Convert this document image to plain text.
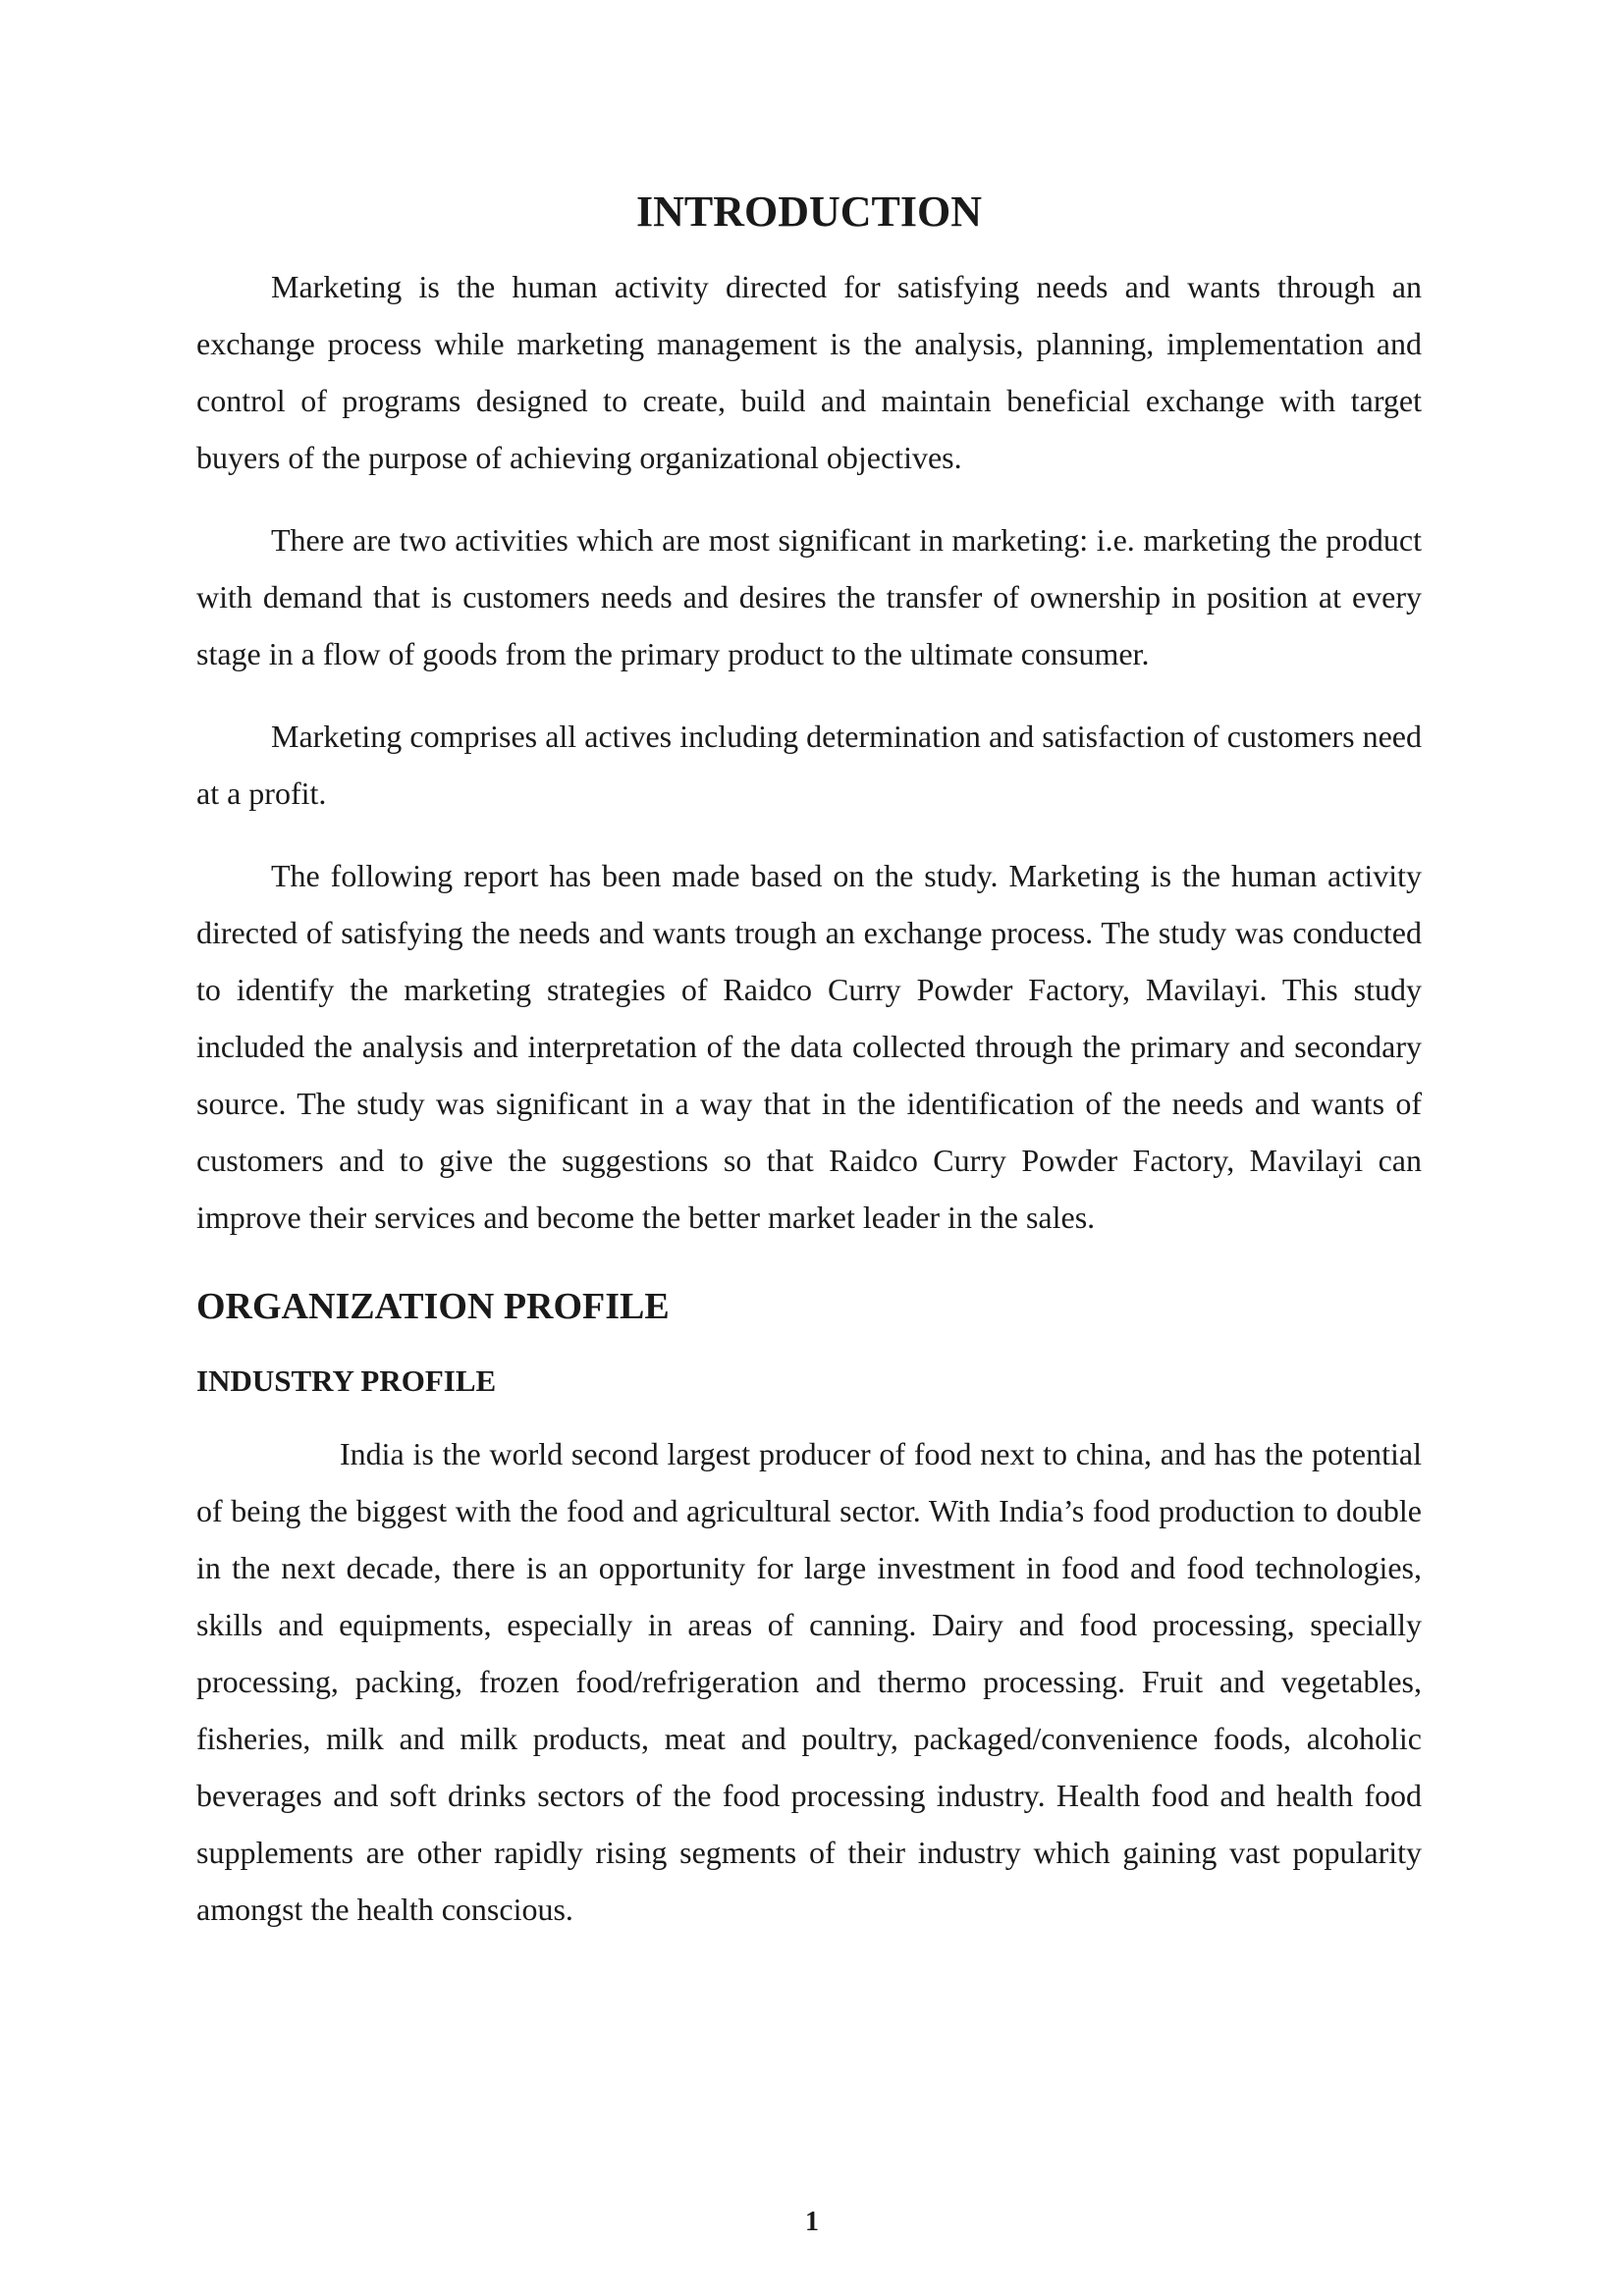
INTRODUCTION

Marketing is the human activity directed for satisfying needs and wants through an exchange process while marketing management is the analysis, planning, implementation and control of programs designed to create, build and maintain beneficial exchange with target buyers of the purpose of achieving organizational objectives.

There are two activities which are most significant in marketing: i.e. marketing the product with demand that is customers needs and desires the transfer of ownership in position at every stage in a flow of goods from the primary product to the ultimate consumer.

Marketing comprises all actives including determination and satisfaction of customers need at a profit.

The following report has been made based on the study. Marketing is the human activity directed of satisfying the needs and wants trough an exchange process. The study was conducted to identify the marketing strategies of Raidco Curry Powder Factory, Mavilayi. This study included the analysis and interpretation of the data collected through the primary and secondary source. The study was significant in a way that in the identification of the needs and wants of customers and to give the suggestions so that Raidco Curry Powder Factory, Mavilayi can improve their services and become the better market leader in the sales.

ORGANIZATION PROFILE
INDUSTRY PROFILE

India is the world second largest producer of food next to china, and has the potential of being the biggest with the food and agricultural sector. With India’s food production to double in the next decade, there is an opportunity for large investment in food and food technologies, skills and equipments, especially in areas of canning. Dairy and food processing, specially processing, packing, frozen food/refrigeration and thermo processing. Fruit and vegetables, fisheries, milk and milk products, meat and poultry, packaged/convenience foods, alcoholic beverages and soft drinks sectors of the food processing industry. Health food and health food supplements are other rapidly rising segments of their industry which gaining vast popularity amongst the health conscious.

1
